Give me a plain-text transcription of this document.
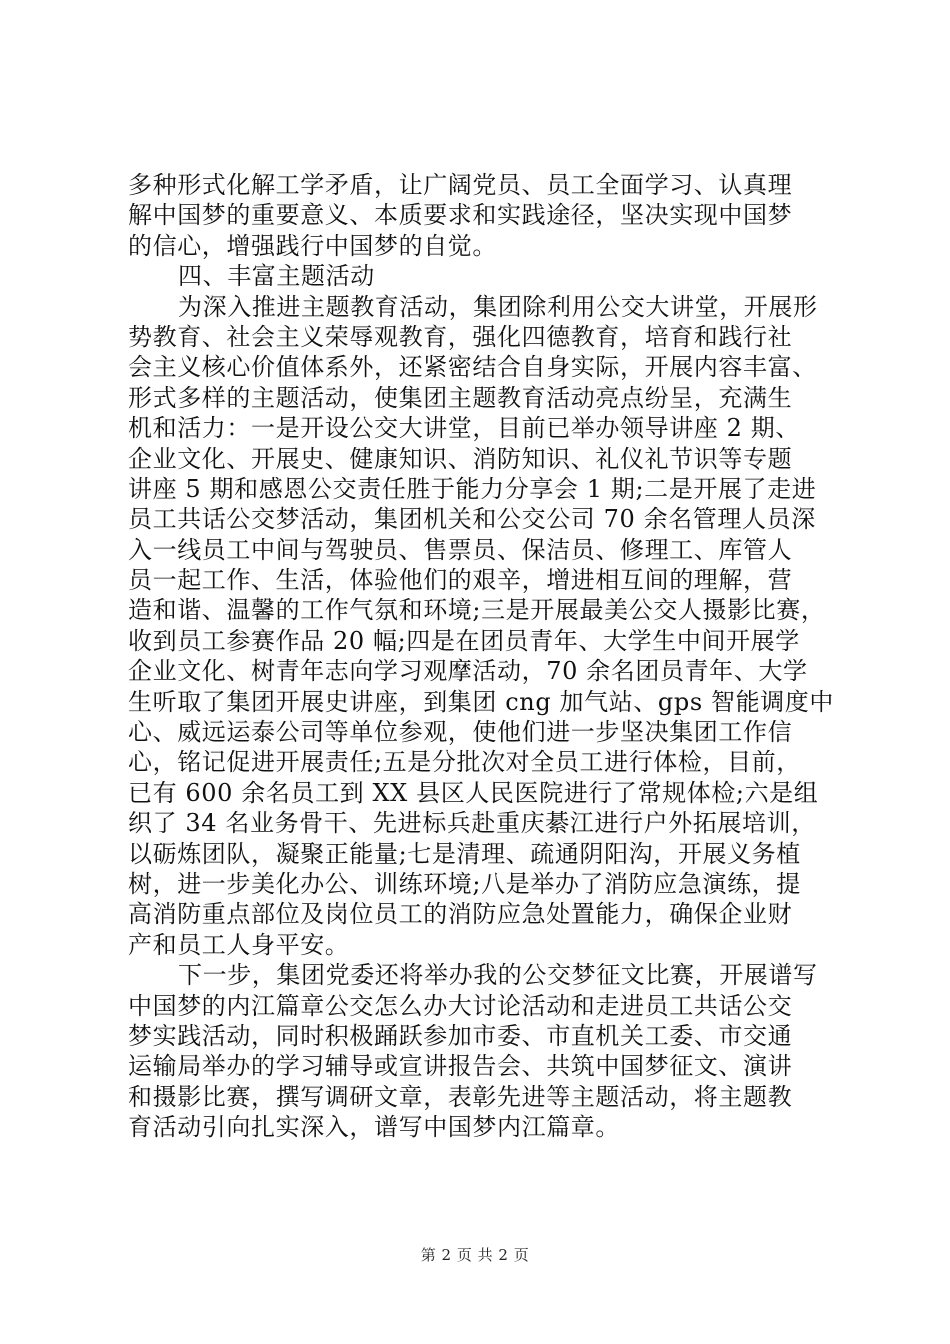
多种形式化解工学矛盾，让广阔党员、员工全面学习、认真理
解中国梦的重要意义、本质要求和实践途径，坚决实现中国梦
的信心，增强践行中国梦的自觉。
四、丰富主题活动
为深入推进主题教育活动，集团除利用公交大讲堂，开展形
势教育、社会主义荣辱观教育，强化四德教育，培育和践行社
会主义核心价值体系外，还紧密结合自身实际，开展内容丰富、
形式多样的主题活动，使集团主题教育活动亮点纷呈，充满生
机和活力：一是开设公交大讲堂，目前已举办领导讲座 2 期、
企业文化、开展史、健康知识、消防知识、礼仪礼节识等专题
讲座 5 期和感恩公交责任胜于能力分享会 1 期;二是开展了走进
员工共话公交梦活动，集团机关和公交公司 70 余名管理人员深
入一线员工中间与驾驶员、售票员、保洁员、修理工、库管人
员一起工作、生活，体验他们的艰辛，增进相互间的理解，营
造和谐、温馨的工作气氛和环境;三是开展最美公交人摄影比赛，
收到员工参赛作品 20 幅;四是在团员青年、大学生中间开展学
企业文化、树青年志向学习观摩活动，70 余名团员青年、大学
生听取了集团开展史讲座，到集团 cng 加气站、gps 智能调度中
心、威远运泰公司等单位参观，使他们进一步坚决集团工作信
心，铭记促进开展责任;五是分批次对全员工进行体检，目前，
已有 600 余名员工到 XX 县区人民医院进行了常规体检;六是组
织了 34 名业务骨干、先进标兵赴重庆綦江进行户外拓展培训，
以砺炼团队，凝聚正能量;七是清理、疏通阴阳沟，开展义务植
树，进一步美化办公、训练环境;八是举办了消防应急演练，提
高消防重点部位及岗位员工的消防应急处置能力，确保企业财
产和员工人身平安。
下一步，集团党委还将举办我的公交梦征文比赛，开展谱写
中国梦的内江篇章公交怎么办大讨论活动和走进员工共话公交
梦实践活动，同时积极踊跃参加市委、市直机关工委、市交通
运输局举办的学习辅导或宣讲报告会、共筑中国梦征文、演讲
和摄影比赛，撰写调研文章，表彰先进等主题活动，将主题教
育活动引向扎实深入，谱写中国梦内江篇章。
第 2 页 共 2 页
